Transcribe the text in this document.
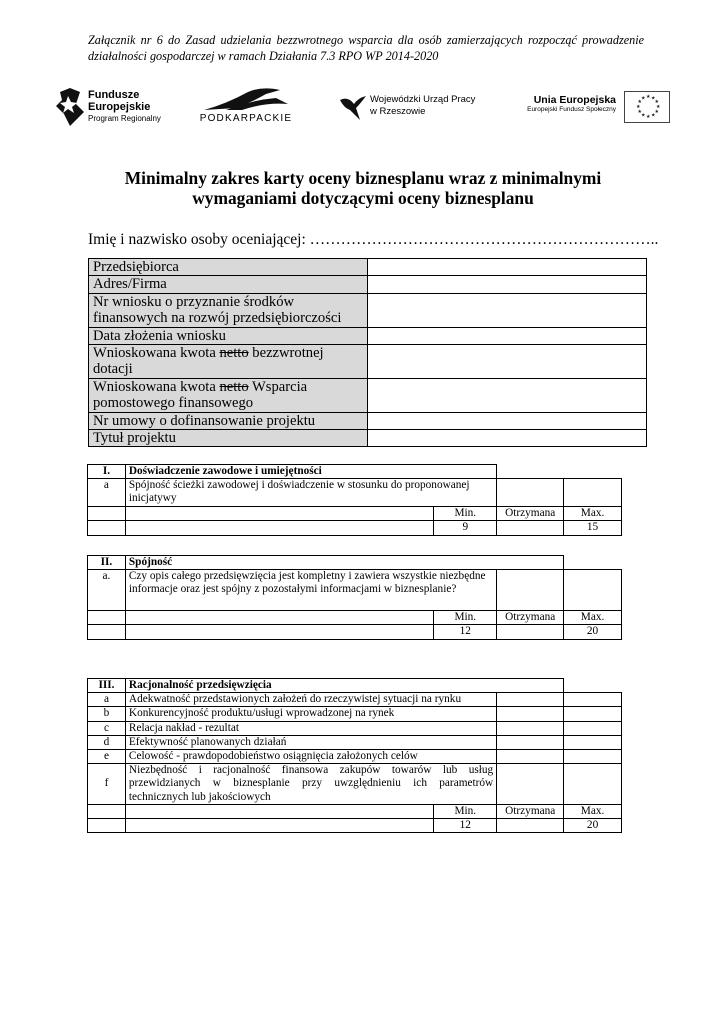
Załącznik nr 6 do Zasad udzielania bezzwrotnego wsparcia dla osób zamierzających rozpocząć prowadzenie działalności gospodarczej w ramach Działania 7.3 RPO WP 2014-2020
Fundusze
Europejskie
Program Regionalny	PODKARPACKIE
Wojewódzki Urząd Pracy
w Rzeszowie
Unia Europejska
Europejski Fundusz Społeczny
★ ★
★
★
★
★
★
★
★
★
★
★
Minimalny zakres karty oceny biznesplanu wraz z minimalnymi wymaganiami dotyczącymi oceny biznesplanu
Imię i nazwisko osoby oceniającej: …………………………………………………………..
Przedsiębiorca	
Adres/Firma	
Nr wniosku o przyznanie środków finansowych na rozwój przedsiębiorczości	
Data złożenia wniosku	
Wnioskowana kwota netto bezzwrotnej dotacji	
Wnioskowana kwota netto Wsparcia pomostowego finansowego	
Nr umowy o dofinansowanie projektu	
Tytuł projektu	
I.	Doświadczenie zawodowe i umiejętności			
a	Spójność ścieżki zawodowej i doświadczenie w stosunku do proponowanej inicjatywy			
		Min.	Otrzymana	Max.
		9		15
II.	Spójność			
a.	Czy opis całego przedsięwzięcia jest kompletny i zawiera wszystkie niezbędne informacje oraz jest spójny z pozostałymi informacjami w biznesplanie?			
		Min.	Otrzymana	Max.
		12		20
III.	Racjonalność przedsięwzięcia			
a	Adekwatność przedstawionych założeń do rzeczywistej sytuacji na rynku			
b	Konkurencyjność produktu/usługi wprowadzonej na rynek			
c	Relacja nakład - rezultat			
d	Efektywność planowanych działań			
e	Celowość - prawdopodobieństwo osiągnięcia założonych celów			
f	Niezbędność i racjonalność finansowa zakupów towarów lub usług przewidzianych w biznesplanie przy uwzględnieniu ich parametrów technicznych lub jakościowych			
		Min.	Otrzymana	Max.
		12		20
